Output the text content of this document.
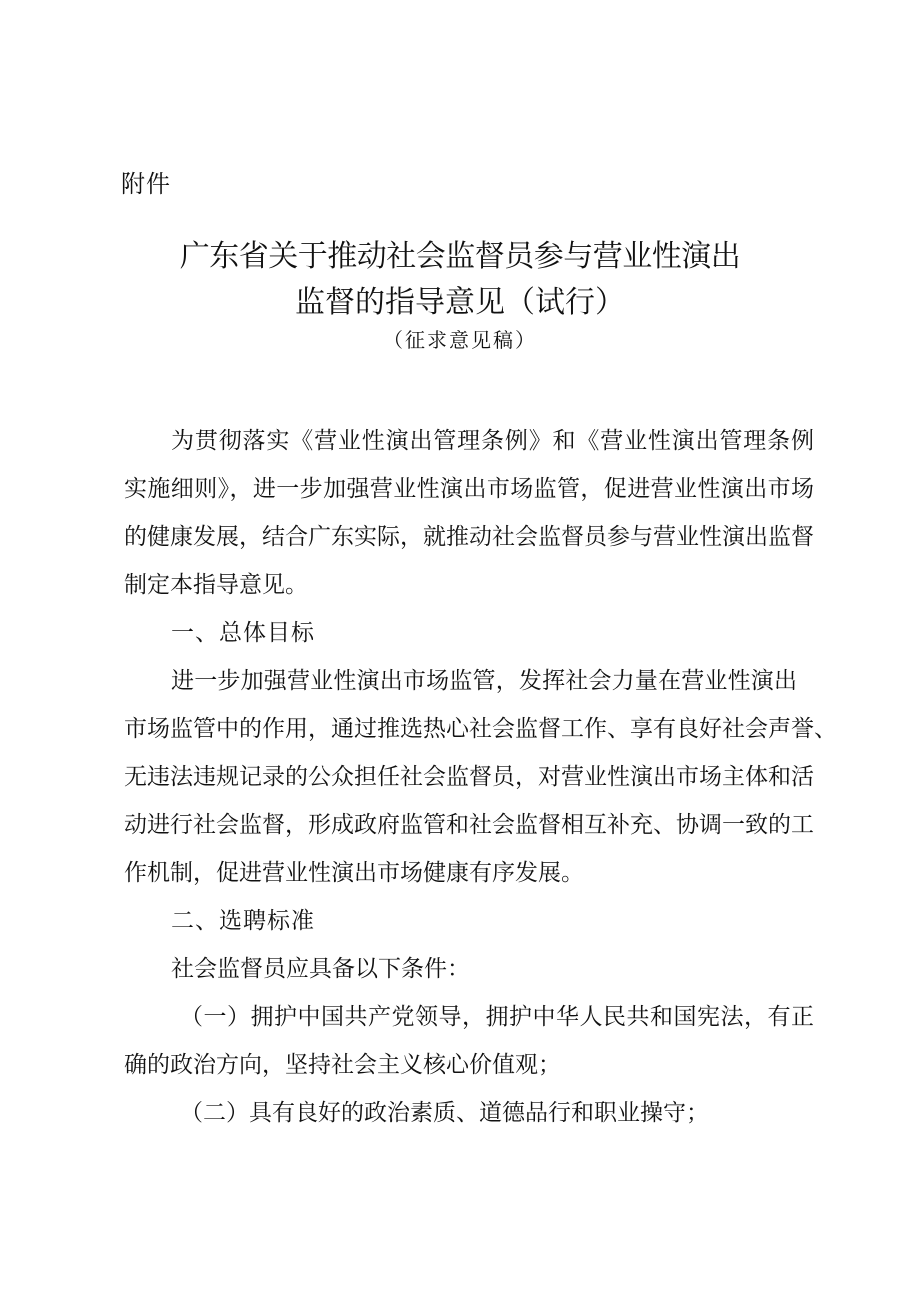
附件
广东省关于推动社会监督员参与营业性演出
监督的指导意见（试行）
（征求意见稿）
为贯彻落实《营业性演出管理条例》和《营业性演出管理条例
实施细则》，进一步加强营业性演出市场监管，促进营业性演出市场
的健康发展，结合广东实际，就推动社会监督员参与营业性演出监督
制定本指导意见。
一、总体目标
进一步加强营业性演出市场监管，发挥社会力量在营业性演出
市场监管中的作用，通过推选热心社会监督工作、享有良好社会声誉、
无违法违规记录的公众担任社会监督员，对营业性演出市场主体和活
动进行社会监督，形成政府监管和社会监督相互补充、协调一致的工
作机制，促进营业性演出市场健康有序发展。
二、选聘标准
社会监督员应具备以下条件：
（一）拥护中国共产党领导，拥护中华人民共和国宪法，有正
确的政治方向，坚持社会主义核心价值观；
（二）具有良好的政治素质、道德品行和职业操守；
